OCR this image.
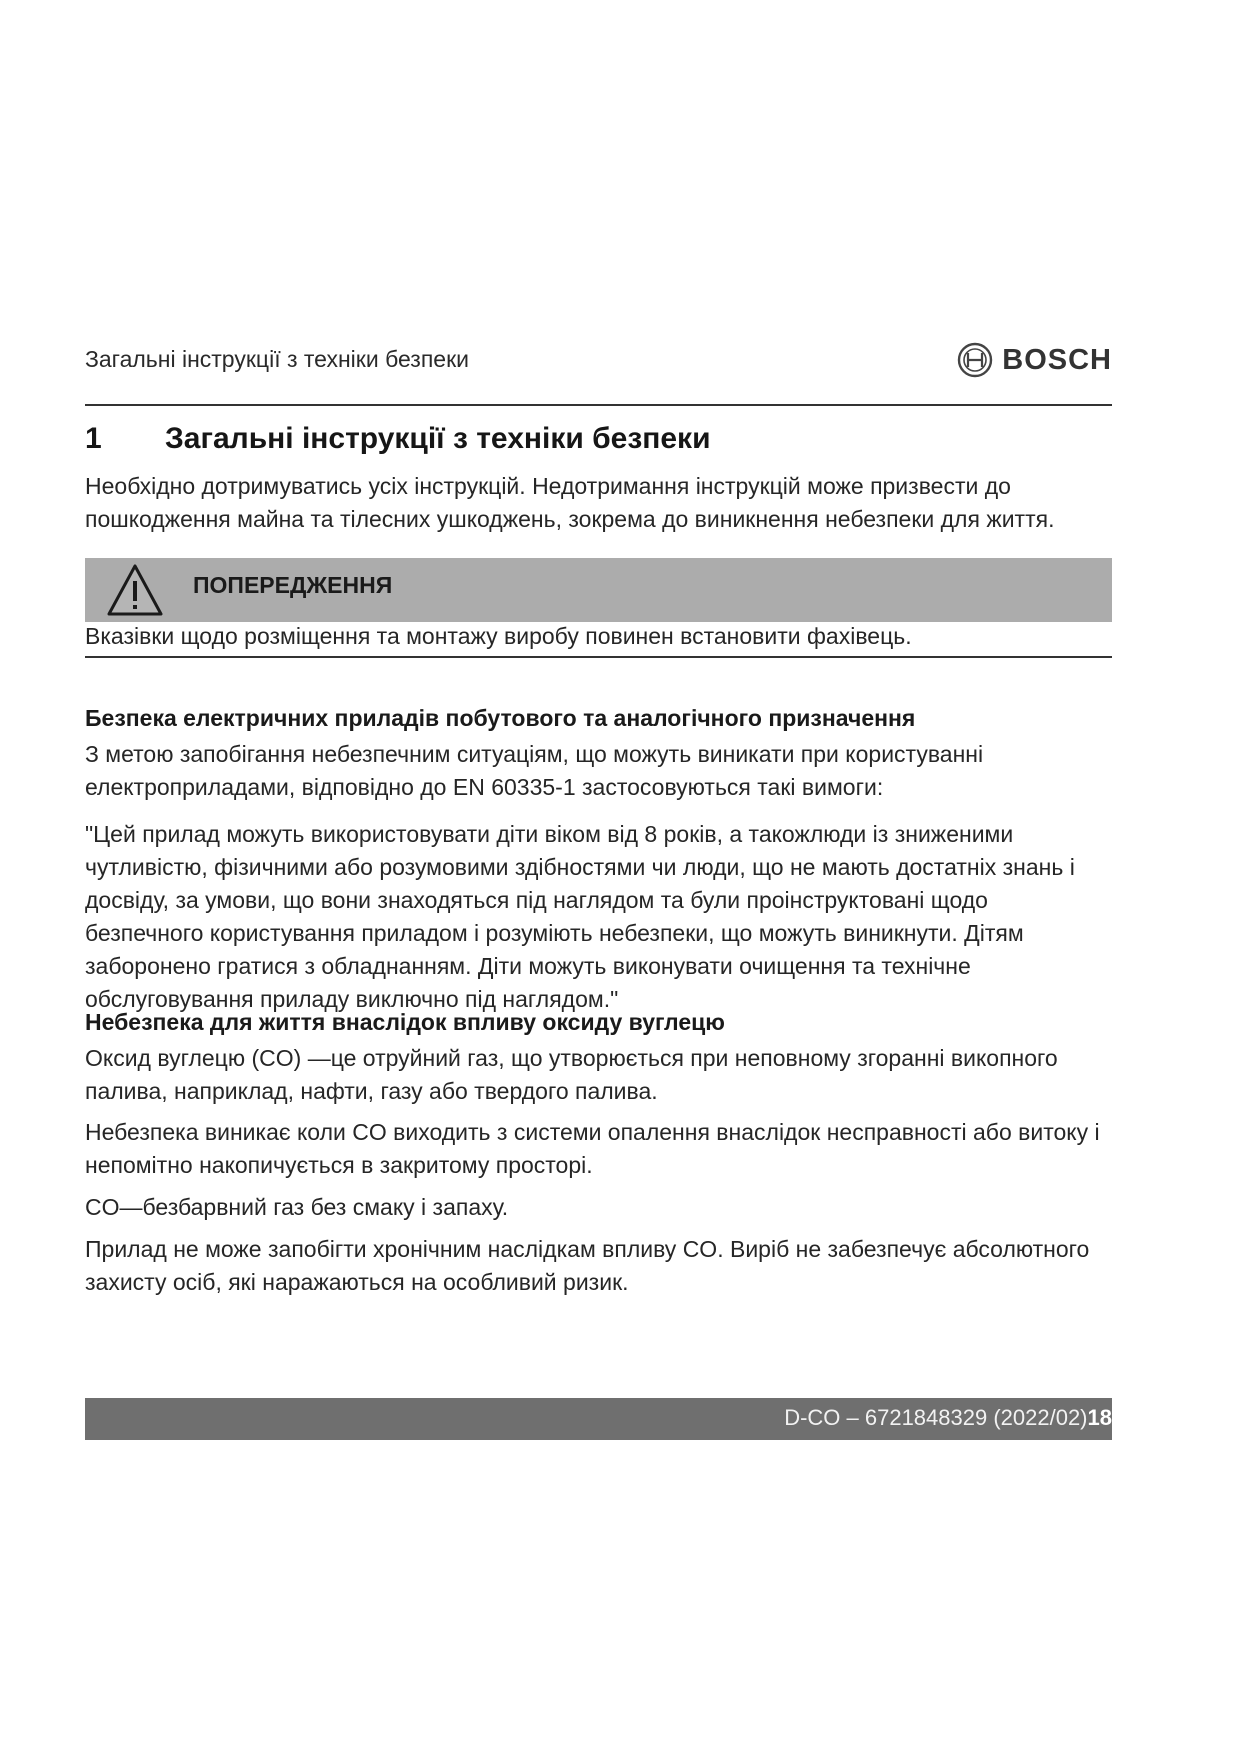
Загальні інструкції з техніки безпеки	BOSCH
1 Загальні інструкції з техніки безпеки
Необхідно дотримуватись усіх інструкцій. Недотримання інструкцій може призвести до пошкодження майна та тілесних ушкоджень, зокрема до виникнення небезпеки для життя.
ПОПЕРЕДЖЕННЯ
Вказівки щодо розміщення та монтажу виробу повинен встановити фахівець.
Безпека електричних приладів побутового та аналогічного призначення
З метою запобігання небезпечним ситуаціям, що можуть виникати при користуванні електроприладами, відповідно до EN 60335-1 застосовуються такі вимоги:
"Цей прилад можуть використовувати діти віком від 8 років, а такожлюди із зниженими чутливістю, фізичними або розумовими здібностями чи люди, що не мають достатніх знань і досвіду, за умови, що вони знаходяться під наглядом та були проінструктовані щодо безпечного користування приладом і розуміють небезпеки, що можуть виникнути. Дітям заборонено гратися з обладнанням. Діти можуть виконувати очищення та технічне обслуговування приладу виключно під наглядом."
Небезпека для життя внаслідок впливу оксиду вуглецю
Оксид вуглецю (CO) —це отруйний газ, що утворюється при неповному згоранні викопного палива, наприклад, нафти, газу або твердого палива.
Небезпека виникає коли CO виходить з системи опалення внаслідок несправності або витоку і непомітно накопичується в закритому просторі.
CO—безбарвний газ без смаку і запаху.
Прилад не може запобігти хронічним наслідкам впливу CO. Виріб не забезпечує абсолютного захисту осіб, які наражаються на особливий ризик.
D-CO – 6721848329 (2022/02)18
